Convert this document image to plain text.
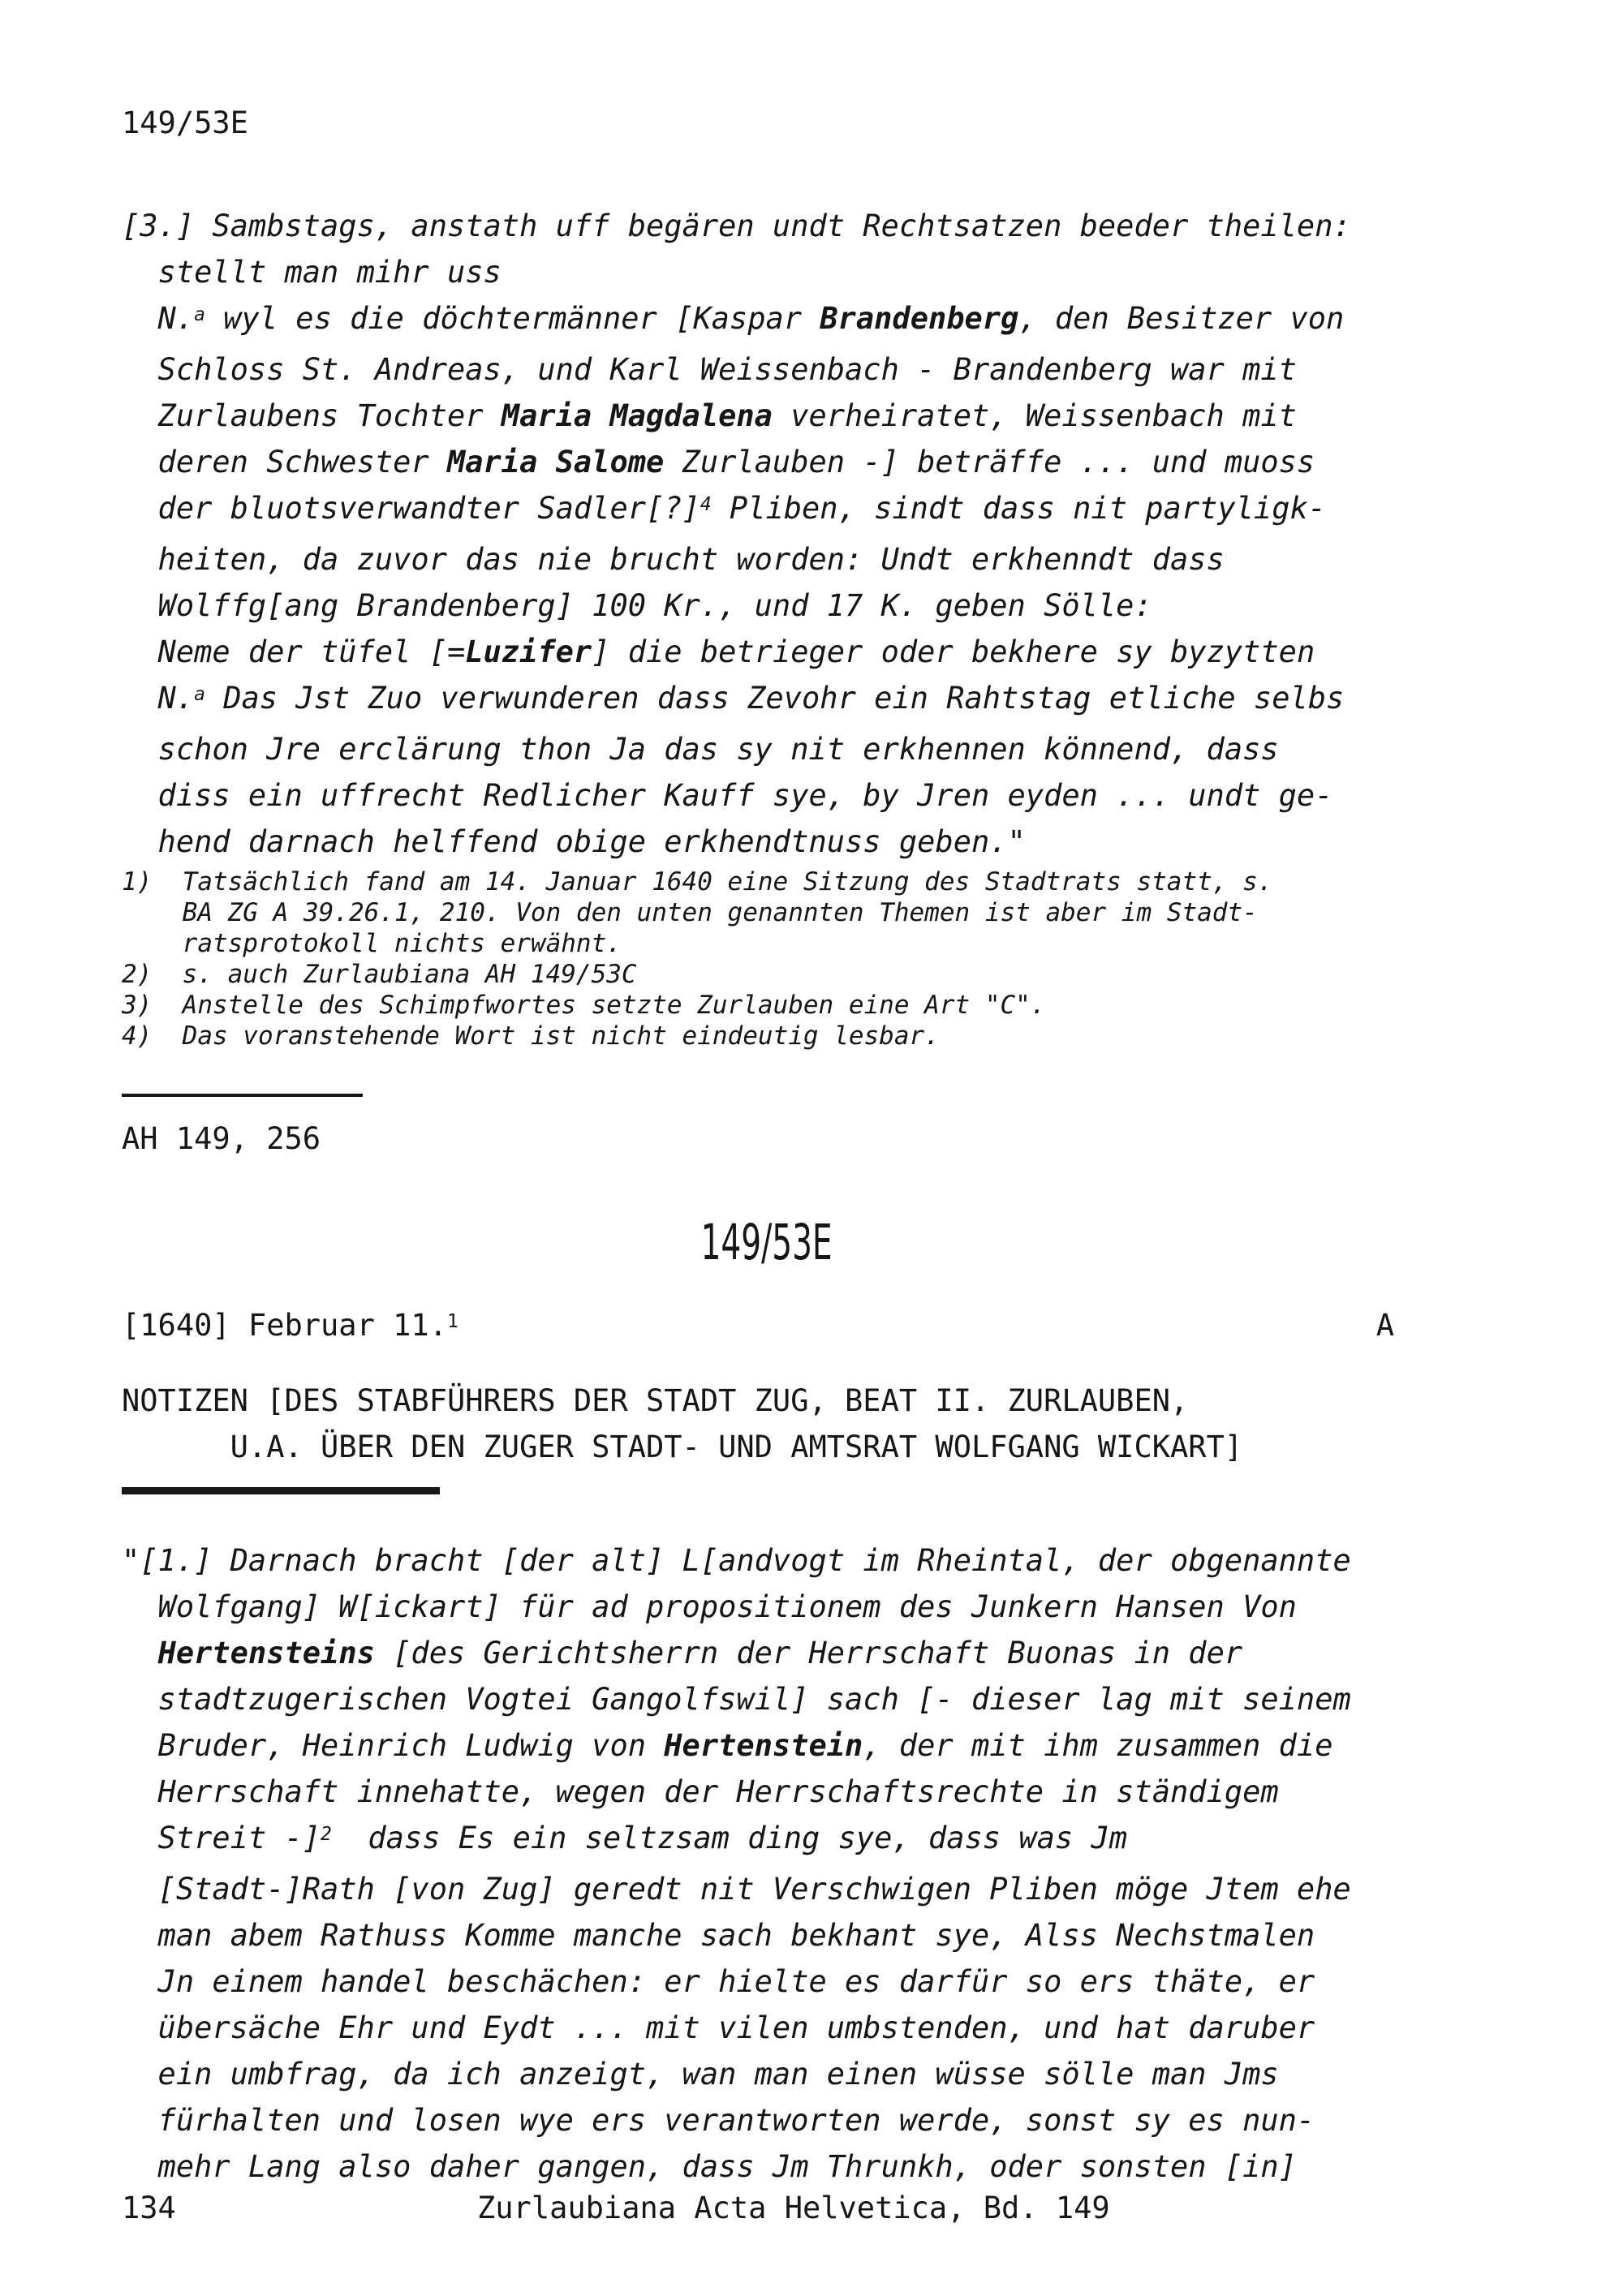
149/53E
[3.] Sambstags, anstath uff begären undt Rechtsatzen beeder theilen:
stellt man mihr uss
N.$^a$ wyl es die döchtermänner [Kaspar Brandenberg, den Besitzer von
Schloss St. Andreas, und Karl Weissenbach - Brandenberg war mit
Zurlaubens Tochter Maria Magdalena verheiratet, Weissenbach mit
deren Schwester Maria Salome Zurlauben -] beträffe ... und muoss
der bluotsverwandter Sadler[?]$^4$ Pliben, sindt dass nit partyligk-
heiten, da zuvor das nie brucht worden: Undt erkhenndt dass
Wolffg[ang Brandenberg] 100 Kr., und 17 K. geben Sölle:
Neme der tüfel [=Luzifer] die betrieger oder bekhere sy byzytten
N.$^a$ Das Jst Zuo verwunderen dass Zevohr ein Rahtstag etliche selbs
schon Jre erclärung thon Ja das sy nit erkhennen könnend, dass
diss ein uffrecht Redlicher Kauff sye, by Jren eyden ... undt ge-
hend darnach helffend obige erkhendtnuss geben."
1)  Tatsächlich fand am 14. Januar 1640 eine Sitzung des Stadtrats statt, s.
BA ZG A 39.26.1, 210. Von den unten genannten Themen ist aber im Stadt-
ratsprotokoll nichts erwähnt.
2)  s. auch Zurlaubiana AH 149/53C
3)  Anstelle des Schimpfwortes setzte Zurlauben eine Art "C".
4)  Das voranstehende Wort ist nicht eindeutig lesbar.
AH 149, 256
149/53E
[1640] Februar 11.$^1$	A
NOTIZEN [DES STABFÜHRERS DER STADT ZUG, BEAT II. ZURLAUBEN,
U.A. ÜBER DEN ZUGER STADT- UND AMTSRAT WOLFGANG WICKART]
"[1.] Darnach bracht [der alt] L[andvogt im Rheintal, der obgenannte
Wolfgang] W[ickart] für ad propositionem des Junkern Hansen Von
Hertensteins [des Gerichtsherrn der Herrschaft Buonas in der
stadtzugerischen Vogtei Gangolfswil] sach [- dieser lag mit seinem
Bruder, Heinrich Ludwig von Hertenstein, der mit ihm zusammen die
Herrschaft innehatte, wegen der Herrschaftsrechte in ständigem
Streit -]$^2$  dass Es ein seltzsam ding sye, dass was Jm
[Stadt-]Rath [von Zug] geredt nit Verschwigen Pliben möge Jtem ehe
man abem Rathuss Komme manche sach bekhant sye, Alss Nechstmalen
Jn einem handel beschächen: er hielte es darfür so ers thäte, er
übersäche Ehr und Eydt ... mit vilen umbstenden, und hat daruber
ein umbfrag, da ich anzeigt, wan man einen wüsse sölle man Jms
fürhalten und losen wye ers verantworten werde, sonst sy es nun-
mehr Lang also daher gangen, dass Jm Thrunkh, oder sonsten [in]
134	Zurlaubiana Acta Helvetica, Bd. 149
